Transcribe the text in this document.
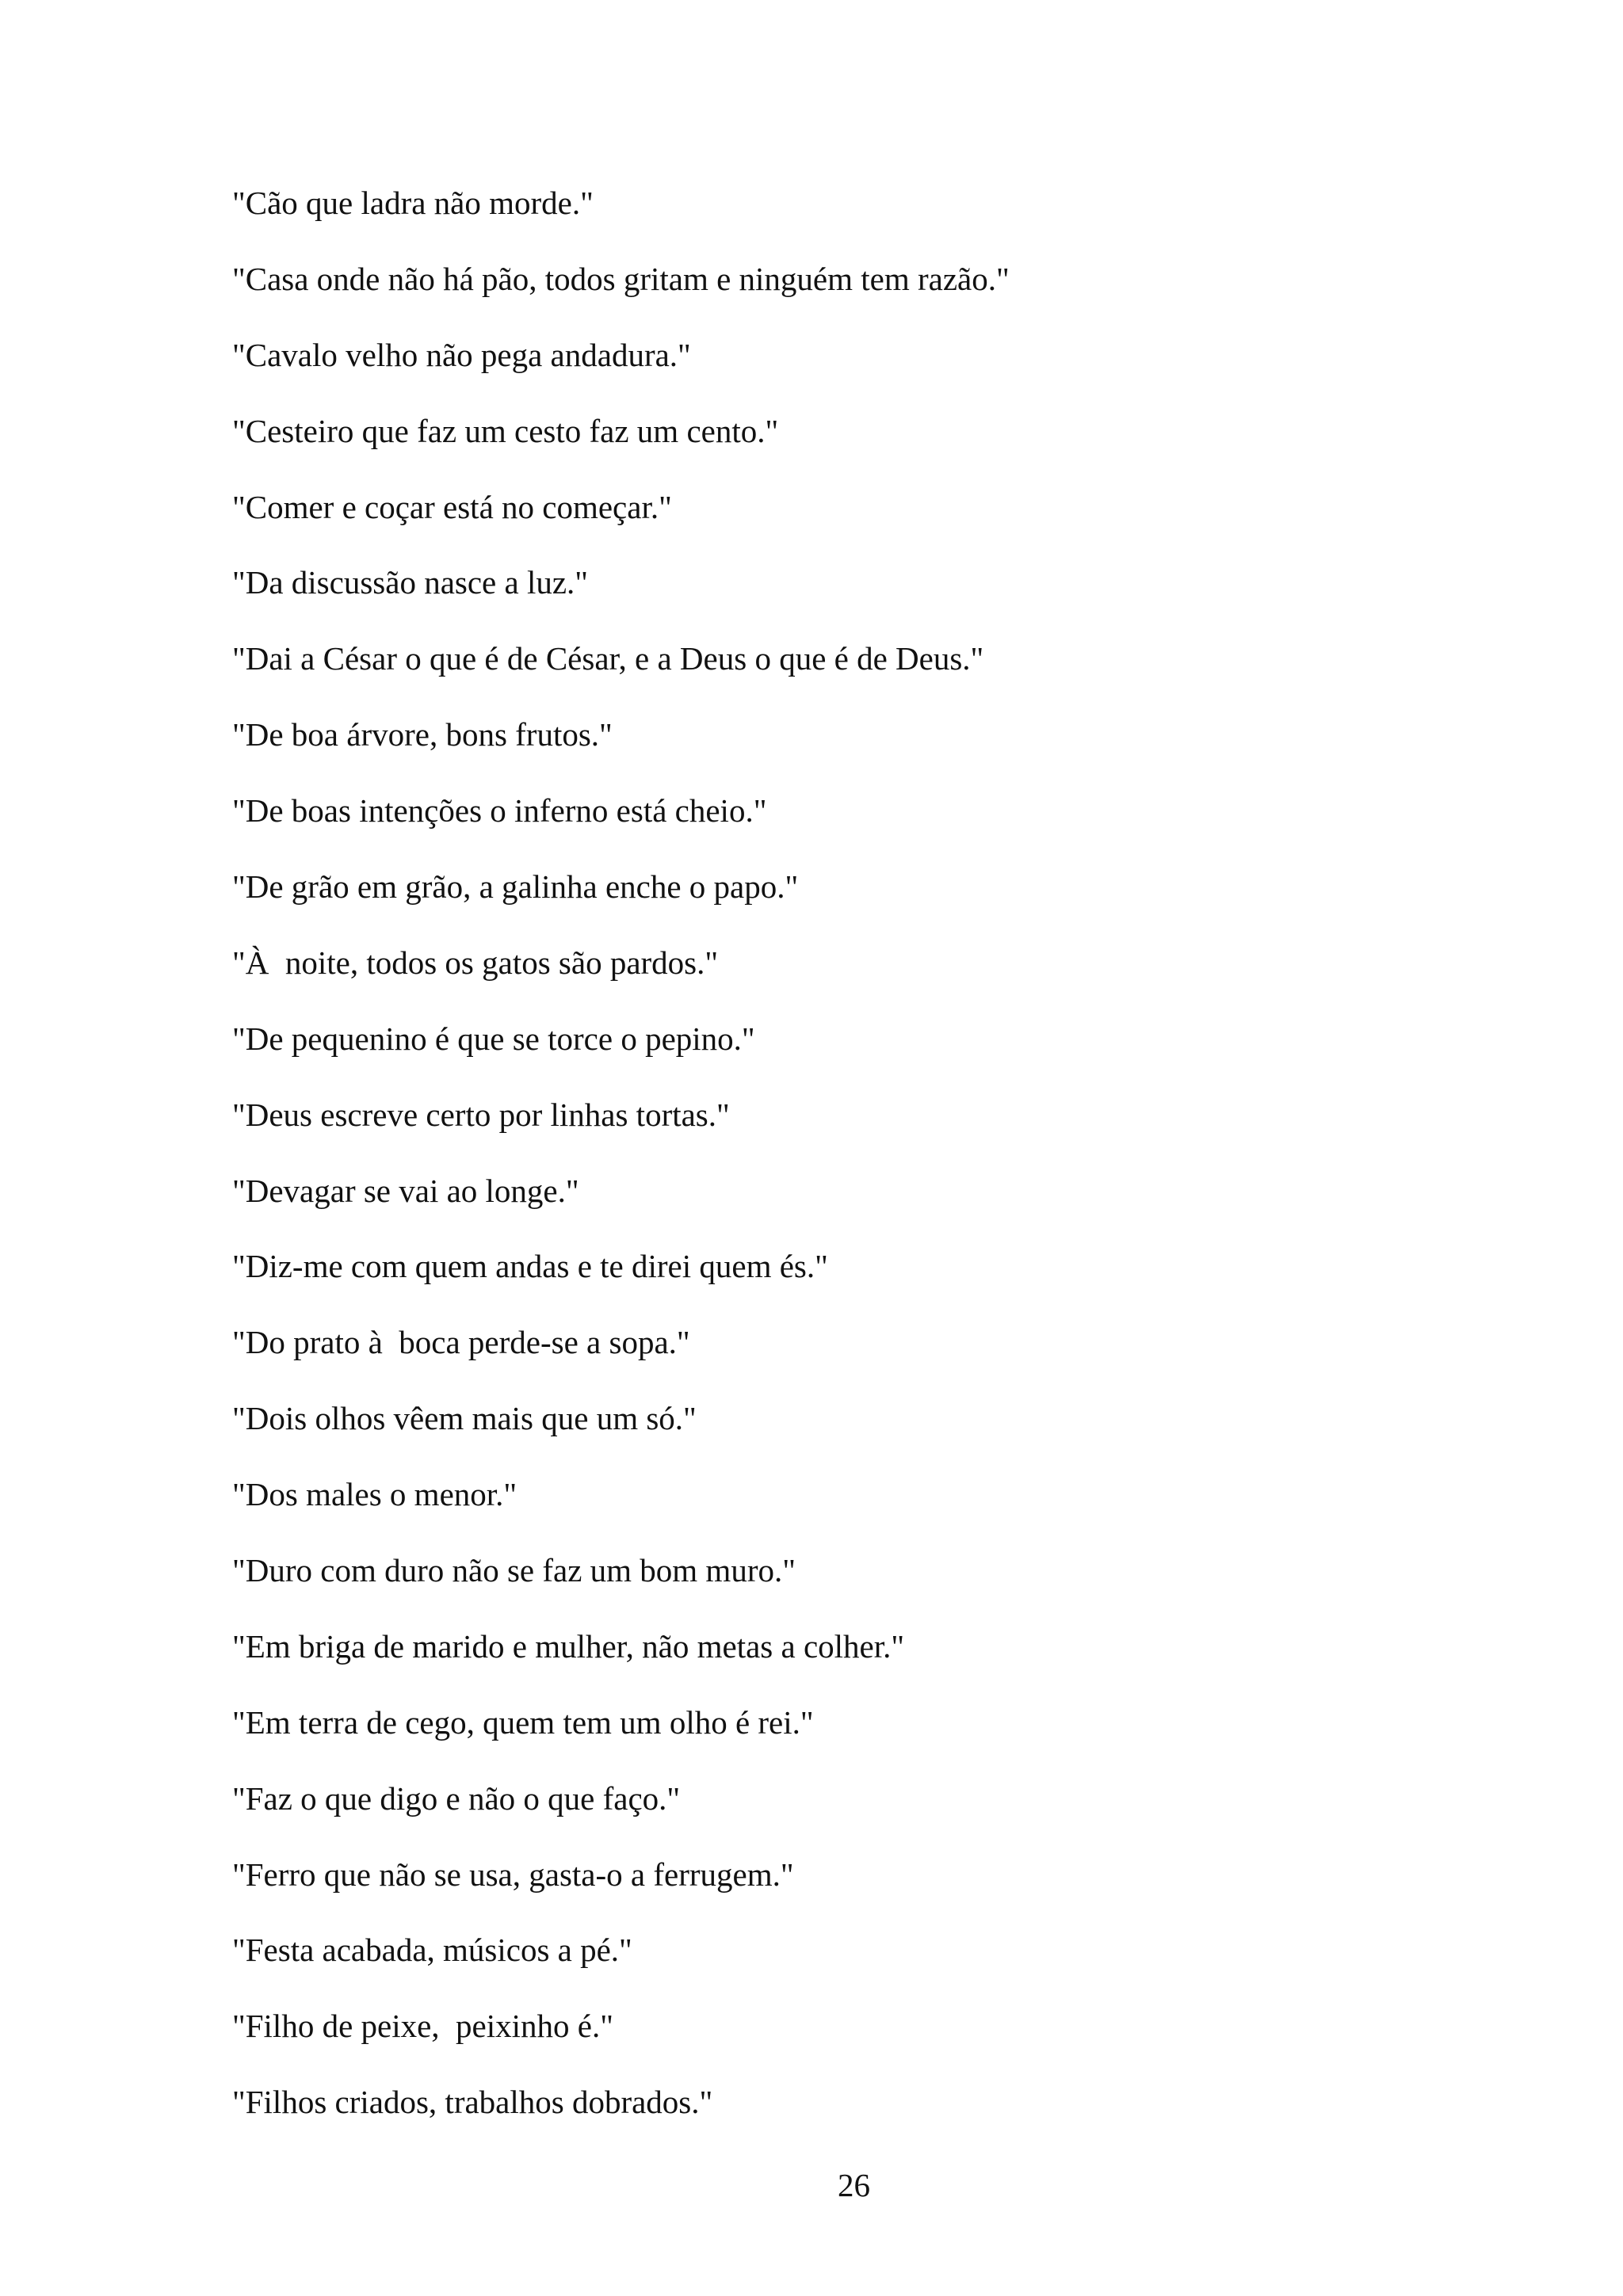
"Cão que ladra não morde."
"Casa onde não há pão, todos gritam e ninguém tem razão."
"Cavalo velho não pega andadura."
"Cesteiro que faz um cesto faz um cento."
"Comer e coçar está no começar."
"Da discussão nasce a luz."
"Dai a César o que é de César, e a Deus o que é de Deus."
"De boa árvore, bons frutos."
"De boas intenções o inferno está cheio."
"De grão em grão, a galinha enche o papo."
"À  noite, todos os gatos são pardos."
"De pequenino é que se torce o pepino."
"Deus escreve certo por linhas tortas."
"Devagar se vai ao longe."
"Diz-me com quem andas e te direi quem és."
"Do prato à  boca perde-se a sopa."
"Dois olhos vêem mais que um só."
"Dos males o menor."
"Duro com duro não se faz um bom muro."
"Em briga de marido e mulher, não metas a colher."
"Em terra de cego, quem tem um olho é rei."
"Faz o que digo e não o que faço."
"Ferro que não se usa, gasta-o a ferrugem."
"Festa acabada, músicos a pé."
"Filho de peixe,  peixinho é."
"Filhos criados, trabalhos dobrados."
26
